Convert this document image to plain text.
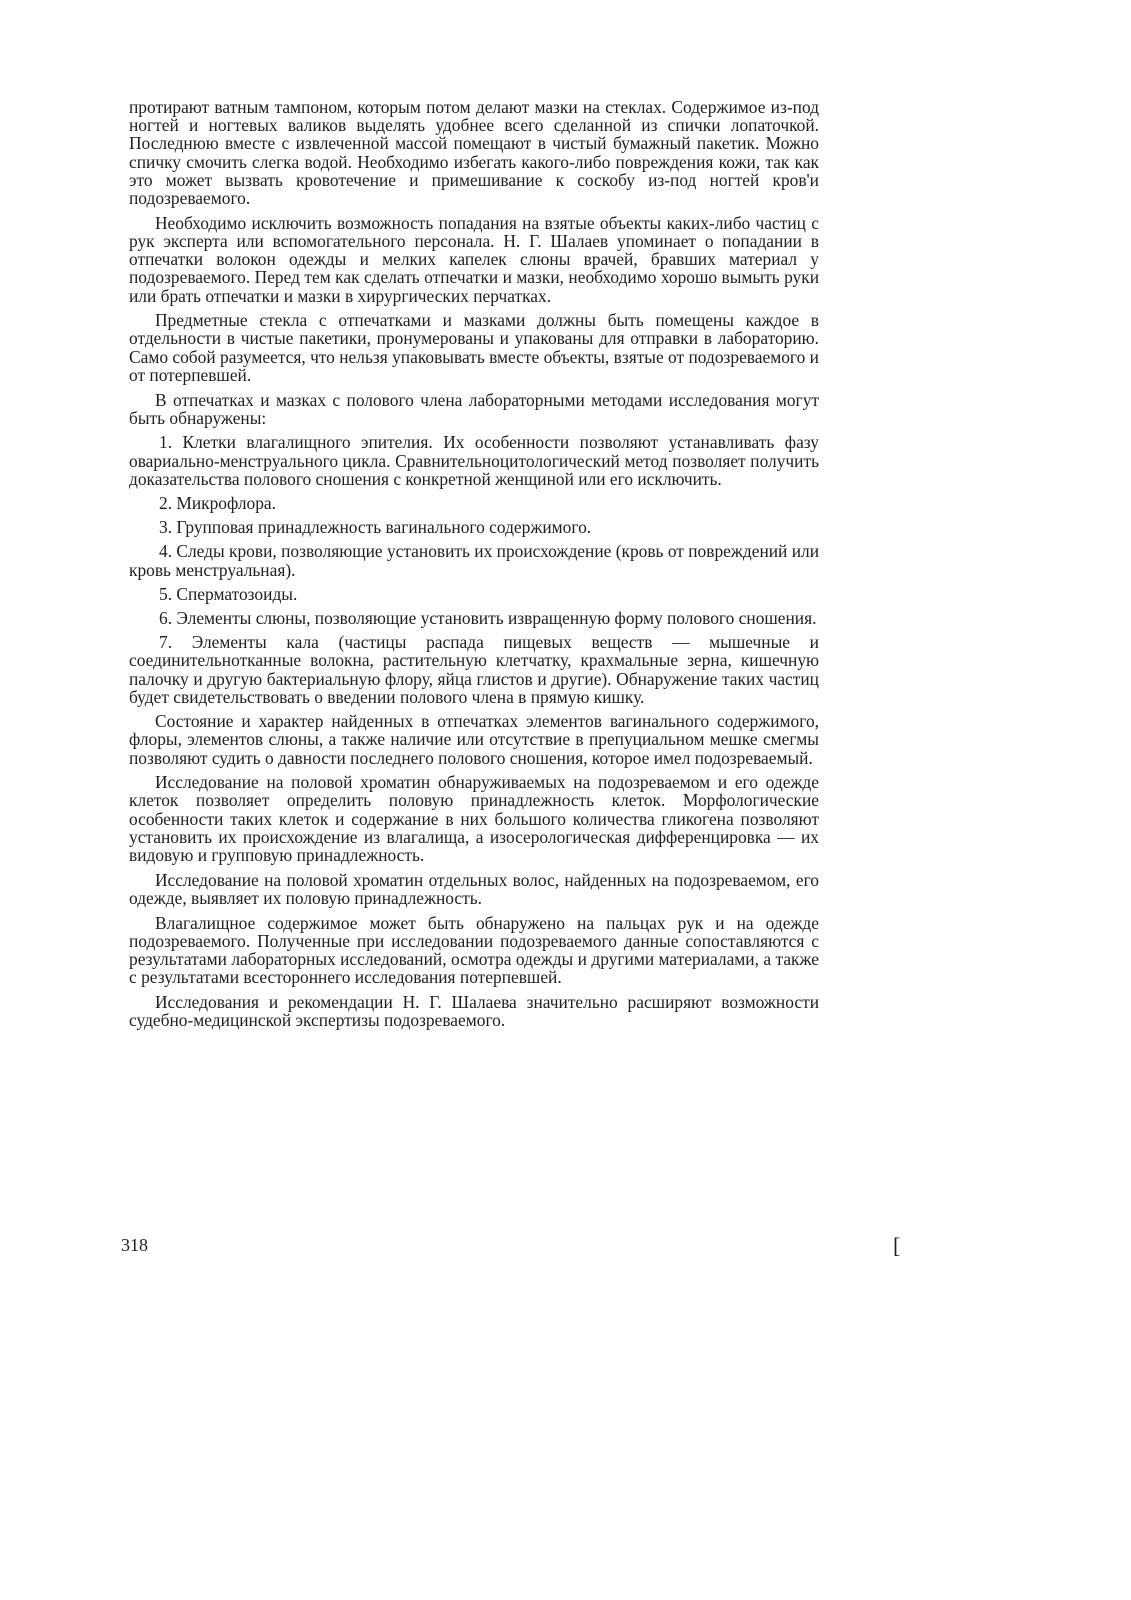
протирают ватным тампоном, которым потом делают мазки на стеклах. Содержимое из-под ногтей и ногтевых валиков выделять удобнее всего сделанной из спички лопаточкой. Последнюю вместе с извлеченной массой помещают в чистый бумажный пакетик. Можно спичку смочить слегка водой. Необходимо избегать какого-либо повреждения кожи, так как это может вызвать кровотечение и примешивание к соскобу из-под ногтей кров'и подозреваемого.

Необходимо исключить возможность попадания на взятые объекты каких-либо частиц с рук эксперта или вспомогательного персонала. Н. Г. Шалаев упоминает о попадании в отпечатки волокон одежды и мелких капелек слюны врачей, бравших материал у подозреваемого. Перед тем как сделать отпечатки и мазки, необходимо хорошо вымыть руки или брать отпечатки и мазки в хирургических перчатках.

Предметные стекла с отпечатками и мазками должны быть помещены каждое в отдельности в чистые пакетики, пронумерованы и упакованы для отправки в лабораторию. Само собой разумеется, что нельзя упаковывать вместе объекты, взятые от подозреваемого и от потерпевшей.

В отпечатках и мазках с полового члена лабораторными методами исследования могут быть обнаружены:

1. Клетки влагалищного эпителия. Их особенности позволяют устанавливать фазу овариально-менструального цикла. Сравнительноцитологический метод позволяет получить доказательства полового сношения с конкретной женщиной или его исключить.

2. Микрофлора.

3. Групповая принадлежность вагинального содержимого.

4. Следы крови, позволяющие установить их происхождение (кровь от повреждений или кровь менструальная).

5. Сперматозоиды.

6. Элементы слюны, позволяющие установить извращенную форму полового сношения.

7. Элементы кала (частицы распада пищевых веществ — мышечные и соединительнотканные волокна, растительную клетчатку, крахмальные зерна, кишечную палочку и другую бактериальную флору, яйца глистов и другие). Обнаружение таких частиц будет свидетельствовать о введении полового члена в прямую кишку.

Состояние и характер найденных в отпечатках элементов вагинального содержимого, флоры, элементов слюны, а также наличие или отсутствие в препуциальном мешке смегмы позволяют судить о давности последнего полового сношения, которое имел подозреваемый.

Исследование на половой хроматин обнаруживаемых на подозреваемом и его одежде клеток позволяет определить половую принадлежность клеток. Морфологические особенности таких клеток и содержание в них большого количества гликогена позволяют установить их происхождение из влагалища, а изосерологическая дифференцировка — их видовую и групповую принадлежность.

Исследование на половой хроматин отдельных волос, найденных на подозреваемом, его одежде, выявляет их половую принадлежность.

Влагалищное содержимое может быть обнаружено на пальцах рук и на одежде подозреваемого. Полученные при исследовании подозреваемого данные сопоставляются с результатами лабораторных исследований, осмотра одежды и другими материалами, а также с результатами всестороннего исследования потерпевшей.

Исследования и рекомендации Н. Г. Шалаева значительно расширяют возможности судебно-медицинской экспертизы подозреваемого.

318	[
